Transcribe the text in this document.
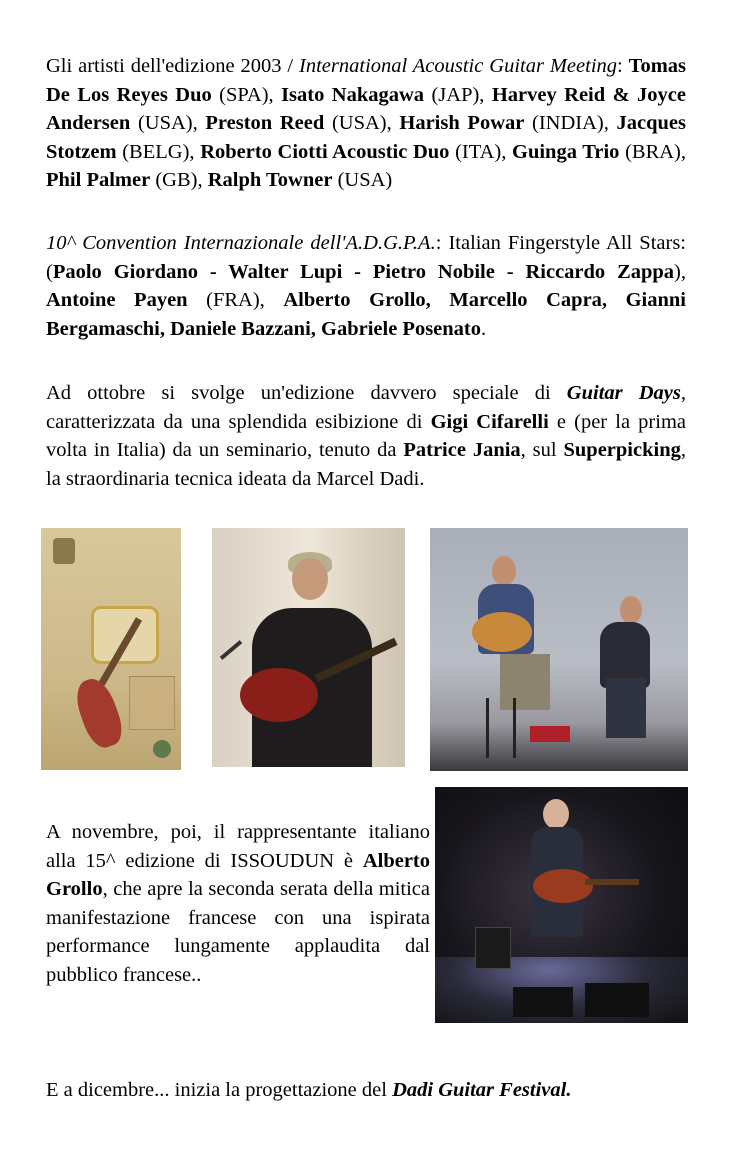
Gli artisti dell'edizione 2003 / International Acoustic Guitar Meeting: Tomas De Los Reyes Duo (SPA), Isato Nakagawa (JAP), Harvey Reid & Joyce Andersen (USA), Preston Reed (USA), Harish Powar (INDIA), Jacques Stotzem (BELG), Roberto Ciotti Acoustic Duo (ITA), Guinga Trio (BRA), Phil Palmer (GB), Ralph Towner (USA)

10^ Convention Internazionale dell'A.D.G.P.A.: Italian Fingerstyle All Stars: (Paolo Giordano - Walter Lupi - Pietro Nobile - Riccardo Zappa), Antoine Payen (FRA), Alberto Grollo, Marcello Capra, Gianni Bergamaschi, Daniele Bazzani, Gabriele Posenato.

Ad ottobre si svolge un'edizione davvero speciale di Guitar Days, caratterizzata da una splendida esibizione di Gigi Cifarelli e (per la prima volta in Italia) da un seminario, tenuto da Patrice Jania, sul Superpicking, la straordinaria tecnica ideata da Marcel Dadi.

A novembre, poi, il rappresentante italiano alla 15^ edizione di ISSOUDUN è Alberto Grollo, che apre la seconda serata della mitica manifestazione francese con una ispirata performance lungamente applaudita dal pubblico francese..

E a dicembre... inizia la progettazione del Dadi Guitar Festival.
